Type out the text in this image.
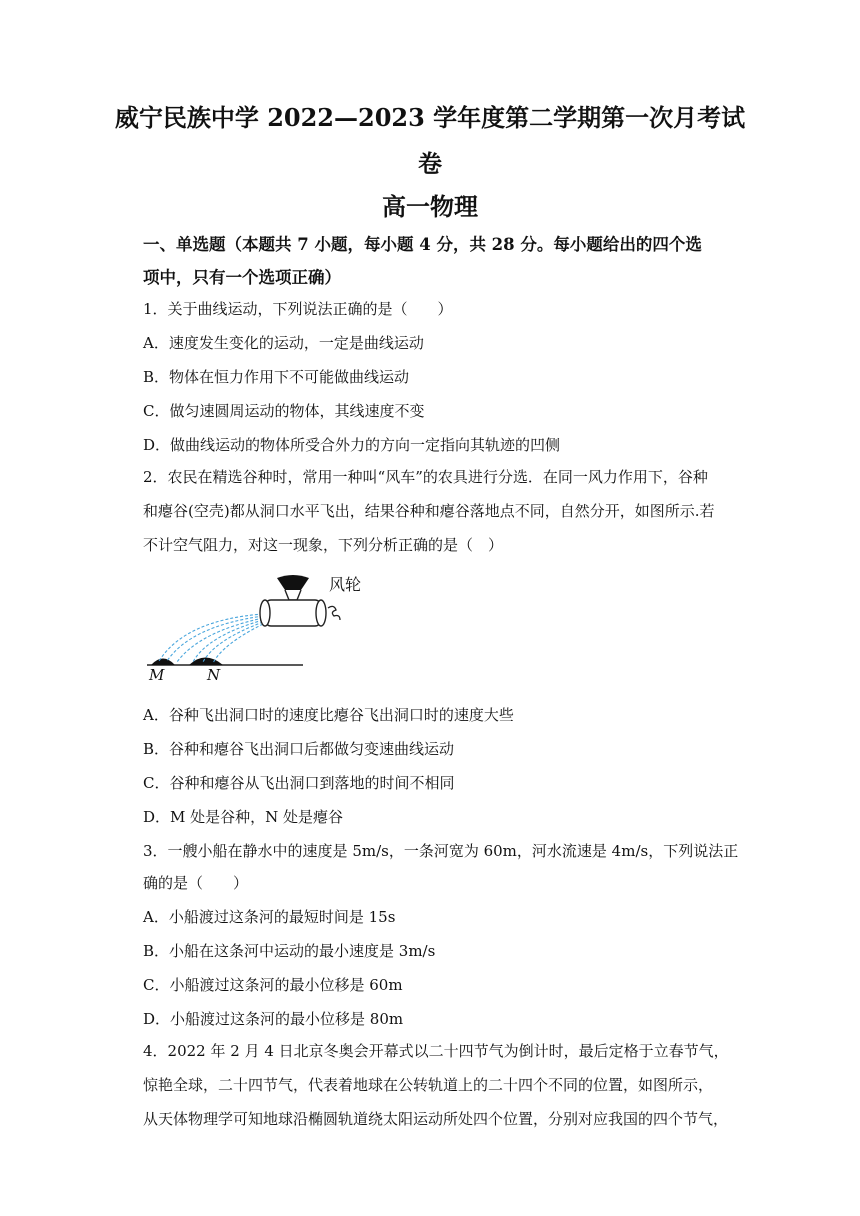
威宁民族中学 2022—2023 学年度第二学期第一次月考试
卷
高一物理
一、单选题（本题共 7 小题，每小题 4 分，共 28 分。每小题给出的四个选
项中，只有一个选项正确）
1．关于曲线运动，下列说法正确的是（　　）
A．速度发生变化的运动，一定是曲线运动
B．物体在恒力作用下不可能做曲线运动
C．做匀速圆周运动的物体，其线速度不变
D．做曲线运动的物体所受合外力的方向一定指向其轨迹的凹侧
2．农民在精选谷种时，常用一种叫“风车”的农具进行分选．在同一风力作用下，谷种
和瘪谷(空壳)都从洞口水平飞出，结果谷种和瘪谷落地点不同，自然分开，如图所示.若
不计空气阻力，对这一现象，下列分析正确的是（　）
风轮
M	N
A．谷种飞出洞口时的速度比瘪谷飞出洞口时的速度大些
B．谷种和瘪谷飞出洞口后都做匀变速曲线运动
C．谷种和瘪谷从飞出洞口到落地的时间不相同
D．M 处是谷种，N 处是瘪谷
3．一艘小船在静水中的速度是 5m/s，一条河宽为 60m，河水流速是 4m/s，下列说法正
确的是（　　）
A．小船渡过这条河的最短时间是 15s
B．小船在这条河中运动的最小速度是 3m/s
C．小船渡过这条河的最小位移是 60m
D．小船渡过这条河的最小位移是 80m
4．2022 年 2 月 4 日北京冬奥会开幕式以二十四节气为倒计时，最后定格于立春节气，
惊艳全球，二十四节气，代表着地球在公转轨道上的二十四个不同的位置，如图所示，
从天体物理学可知地球沿椭圆轨道绕太阳运动所处四个位置，分别对应我国的四个节气，
